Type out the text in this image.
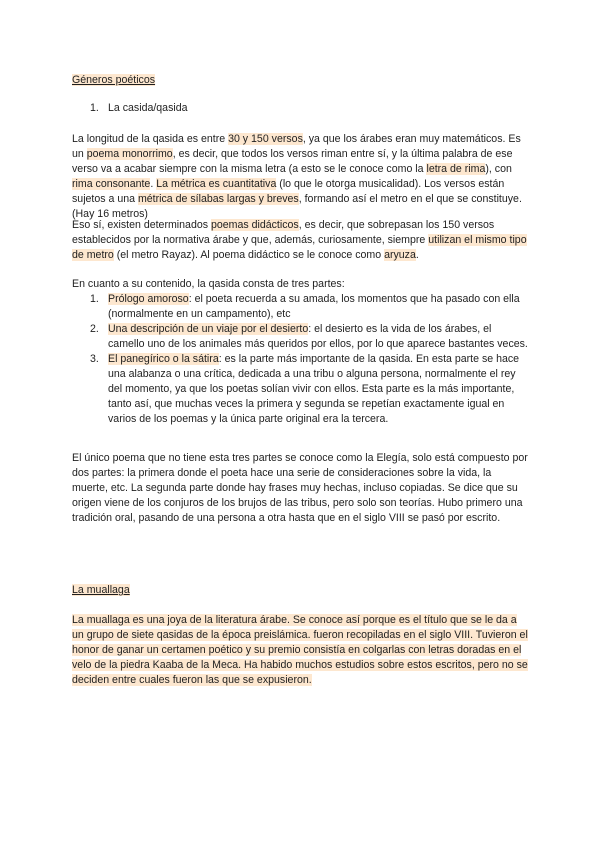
Géneros poéticos
1. La casida/qasida

La longitud de la qasida es entre 30 y 150 versos, ya que los árabes eran muy matemáticos. Es un poema monorrimo, es decir, que todos los versos riman entre sí, y la última palabra de ese verso va a acabar siempre con la misma letra (a esto se le conoce como la letra de rima), con rima consonante. La métrica es cuantitativa (lo que le otorga musicalidad). Los versos están sujetos a una métrica de sílabas largas y breves, formando así el metro en el que se constituye. (Hay 16 metros)

Eso sí, existen determinados poemas didácticos, es decir, que sobrepasan los 150 versos establecidos por la normativa árabe y que, además, curiosamente, siempre utilizan el mismo tipo de metro (el metro Rayaz). Al poema didáctico se le conoce como aryuza.

En cuanto a su contenido, la qasida consta de tres partes:

1. Prólogo amoroso: el poeta recuerda a su amada, los momentos que ha pasado con ella (normalmente en un campamento), etc
2. Una descripción de un viaje por el desierto: el desierto es la vida de los árabes, el camello uno de los animales más queridos por ellos, por lo que aparece bastantes veces.
3. El panegírico o la sátira: es la parte más importante de la qasida. En esta parte se hace una alabanza o una crítica, dedicada a una tribu o alguna persona, normalmente el rey del momento, ya que los poetas solían vivir con ellos. Esta parte es la más importante, tanto así, que muchas veces la primera y segunda se repetían exactamente igual en varios de los poemas y la única parte original era la tercera.

El único poema que no tiene esta tres partes se conoce como la Elegía, solo está compuesto por dos partes: la primera donde el poeta hace una serie de consideraciones sobre la vida, la muerte, etc. La segunda parte donde hay frases muy hechas, incluso copiadas. Se dice que su origen viene de los conjuros de los brujos de las tribus, pero solo son teorías. Hubo primero una tradición oral, pasando de una persona a otra hasta que en el siglo VIII se pasó por escrito.

La muallaga

La muallaga es una joya de la literatura árabe. Se conoce así porque es el título que se le da a un grupo de siete qasidas de la época preislámica. fueron recopiladas en el siglo VIII. Tuvieron el honor de ganar un certamen poético y su premio consistía en colgarlas con letras doradas en el velo de la piedra Kaaba de la Meca. Ha habido muchos estudios sobre estos escritos, pero no se deciden entre cuales fueron las que se expusieron.
